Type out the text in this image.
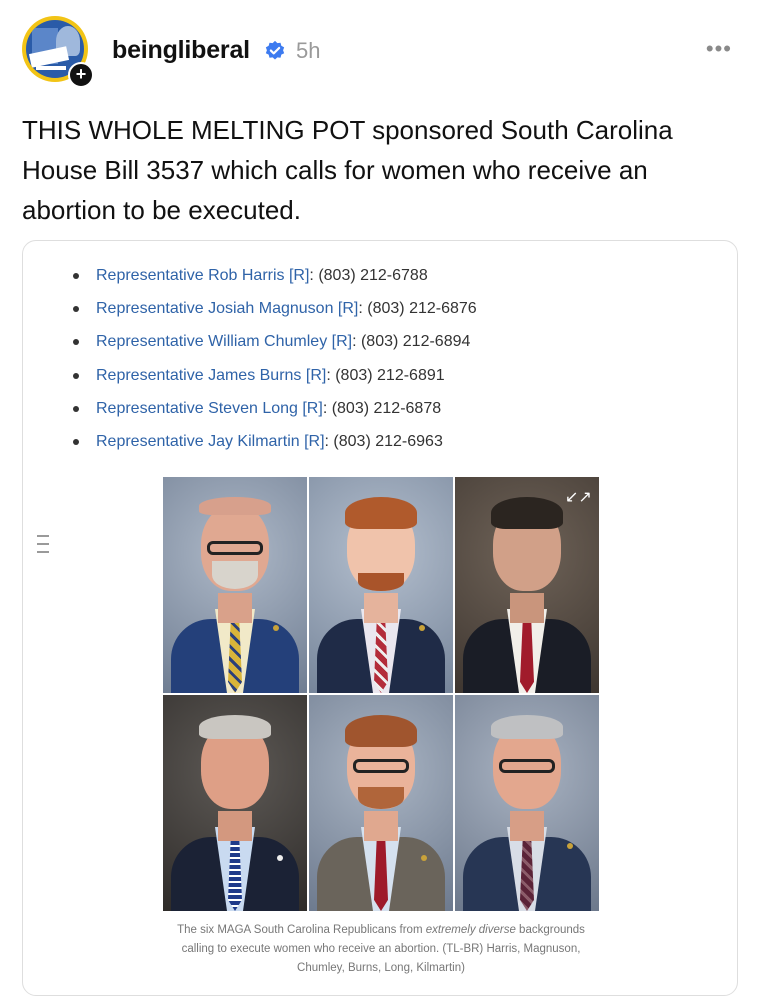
+
beingliberal 5h	•••
THIS WHOLE MELTING POT sponsored South Carolina House Bill 3537 which calls for women who receive an abortion to be executed.
Representative Rob Harris [R] : (803) 212-6788
Representative Josiah Magnuson [R] : (803) 212-6876
Representative William Chumley [R] : (803) 212-6894
Representative James Burns [R] : (803) 212-6891
Representative Steven Long [R] : (803) 212-6878
Representative Jay Kilmartin [R] : (803) 212-6963
↙↗
The six MAGA South Carolina Republicans from extremely diverse backgrounds calling to execute women who receive an abortion. (TL-BR) Harris, Magnuson, Chumley, Burns, Long, Kilmartin)
